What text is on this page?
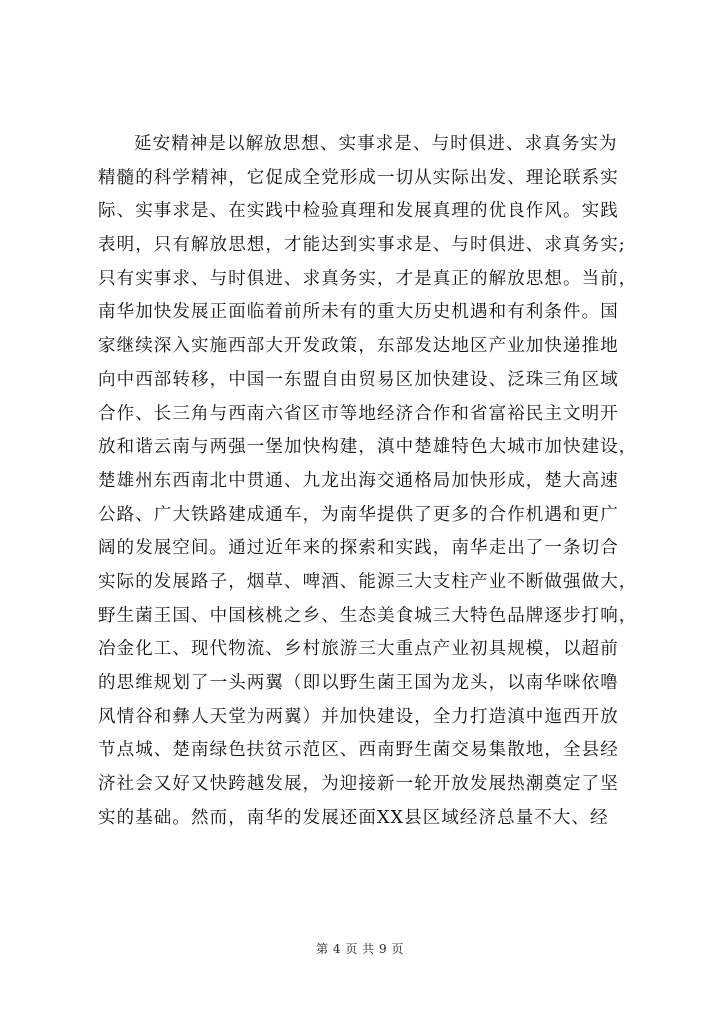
延安精神是以解放思想、实事求是、与时俱进、求真务实为
精髓的科学精神，它促成全党形成一切从实际出发、理论联系实
际、实事求是、在实践中检验真理和发展真理的优良作风。实践
表明，只有解放思想，才能达到实事求是、与时俱进、求真务实;
只有实事求、与时俱进、求真务实，才是真正的解放思想。当前，
南华加快发展正面临着前所未有的重大历史机遇和有利条件。国
家继续深入实施西部大开发政策，东部发达地区产业加快递推地
向中西部转移，中国一东盟自由贸易区加快建设、泛珠三角区域
合作、长三角与西南六省区市等地经济合作和省富裕民主文明开
放和谐云南与两强一堡加快构建，滇中楚雄特色大城市加快建设，
楚雄州东西南北中贯通、九龙出海交通格局加快形成，楚大高速
公路、广大铁路建成通车，为南华提供了更多的合作机遇和更广
阔的发展空间。通过近年来的探索和实践，南华走出了一条切合
实际的发展路子，烟草、啤酒、能源三大支柱产业不断做强做大，
野生菌王国、中国核桃之乡、生态美食城三大特色品牌逐步打响，
冶金化工、现代物流、乡村旅游三大重点产业初具规模，以超前
的思维规划了一头两翼（即以野生菌王国为龙头，以南华咪依噜
风情谷和彝人天堂为两翼）并加快建设，全力打造滇中迤西开放
节点城、楚南绿色扶贫示范区、西南野生菌交易集散地，全县经
济社会又好又快跨越发展，为迎接新一轮开放发展热潮奠定了坚
实的基础。然而，南华的发展还面XX县区域经济总量不大、经
第 4 页 共 9 页
